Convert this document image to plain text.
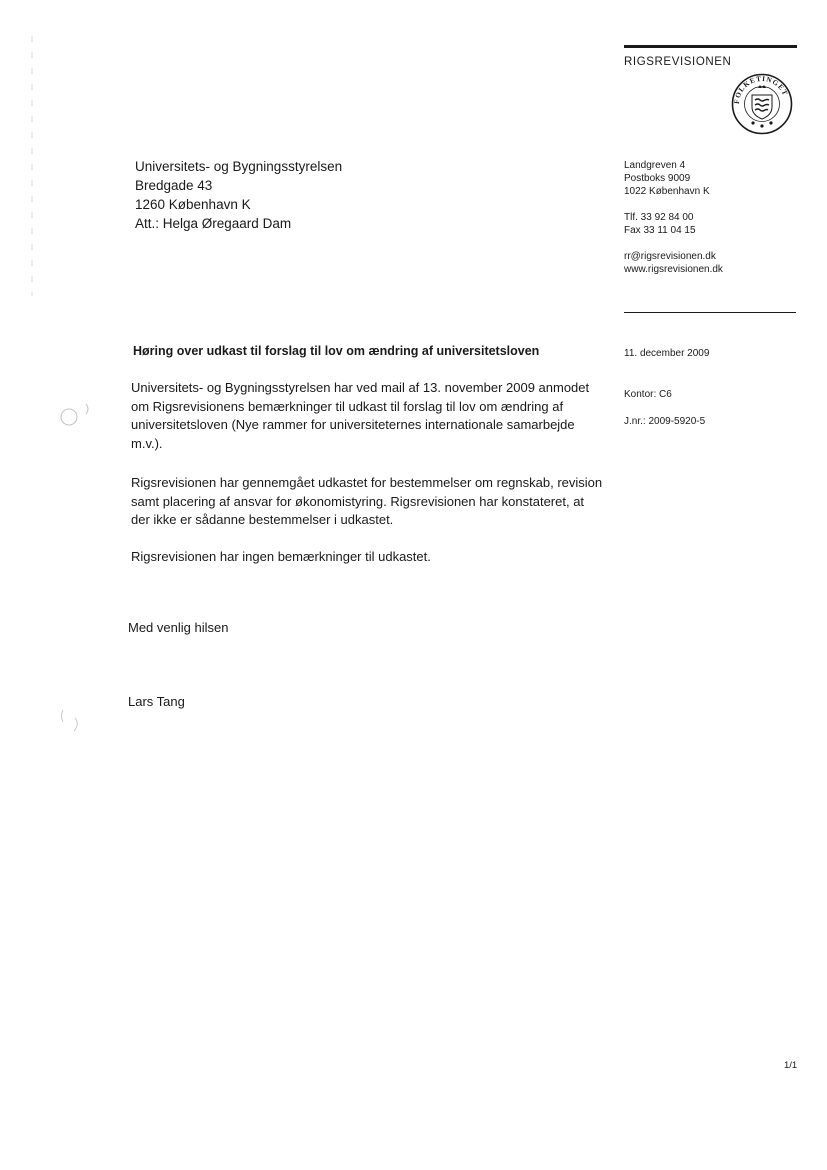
RIGSREVISIONEN
FOLKETINGET
Universitets- og Bygningsstyrelsen
Bredgade 43
1260 København K
Att.: Helga Øregaard Dam
Landgreven 4
Postboks 9009
1022 København K
Tlf. 33 92 84 00
Fax 33 11 04 15
rr@rigsrevisionen.dk
www.rigsrevisionen.dk
Høring over udkast til forslag til lov om ændring af universitetsloven
Universitets- og Bygningsstyrelsen har ved mail af 13. november 2009 anmodet om Rigsrevisionens bemærkninger til udkast til forslag til lov om ændring af universitetsloven (Nye rammer for universiteternes internationale samarbejde m.v.).
Rigsrevisionen har gennemgået udkastet for bestemmelser om regnskab, revision samt placering af ansvar for økonomistyring. Rigsrevisionen har konstateret, at der ikke er sådanne bestemmelser i udkastet.
Rigsrevisionen har ingen bemærkninger til udkastet.
Med venlig hilsen
Lars Tang
11. december 2009
Kontor: C6
J.nr.: 2009-5920-5
1/1
